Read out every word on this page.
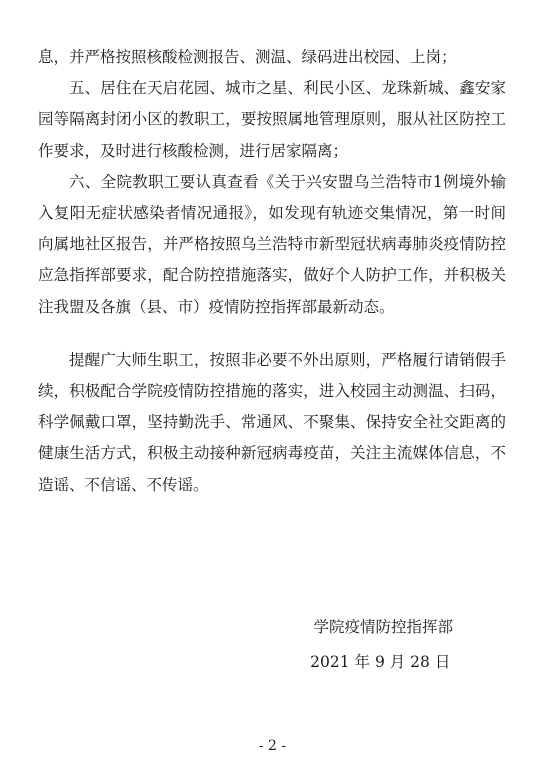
息，并严格按照核酸检测报告、测温、绿码进出校园、上岗；

五、居住在天启花园、城市之星、利民小区、龙珠新城、鑫安家园等隔离封闭小区的教职工，要按照属地管理原则，服从社区防控工作要求，及时进行核酸检测，进行居家隔离；

六、全院教职工要认真查看《关于兴安盟乌兰浩特市1例境外输入复阳无症状感染者情况通报》，如发现有轨迹交集情况，第一时间向属地社区报告，并严格按照乌兰浩特市新型冠状病毒肺炎疫情防控应急指挥部要求，配合防控措施落实，做好个人防护工作，并积极关注我盟及各旗（县、市）疫情防控指挥部最新动态。

提醒广大师生职工，按照非必要不外出原则，严格履行请销假手续，积极配合学院疫情防控措施的落实，进入校园主动测温、扫码，科学佩戴口罩，坚持勤洗手、常通风、不聚集、保持安全社交距离的健康生活方式，积极主动接种新冠病毒疫苗，关注主流媒体信息，不造谣、不信谣、不传谣。

学院疫情防控指挥部
2021 年 9 月 28 日
- 2 -
